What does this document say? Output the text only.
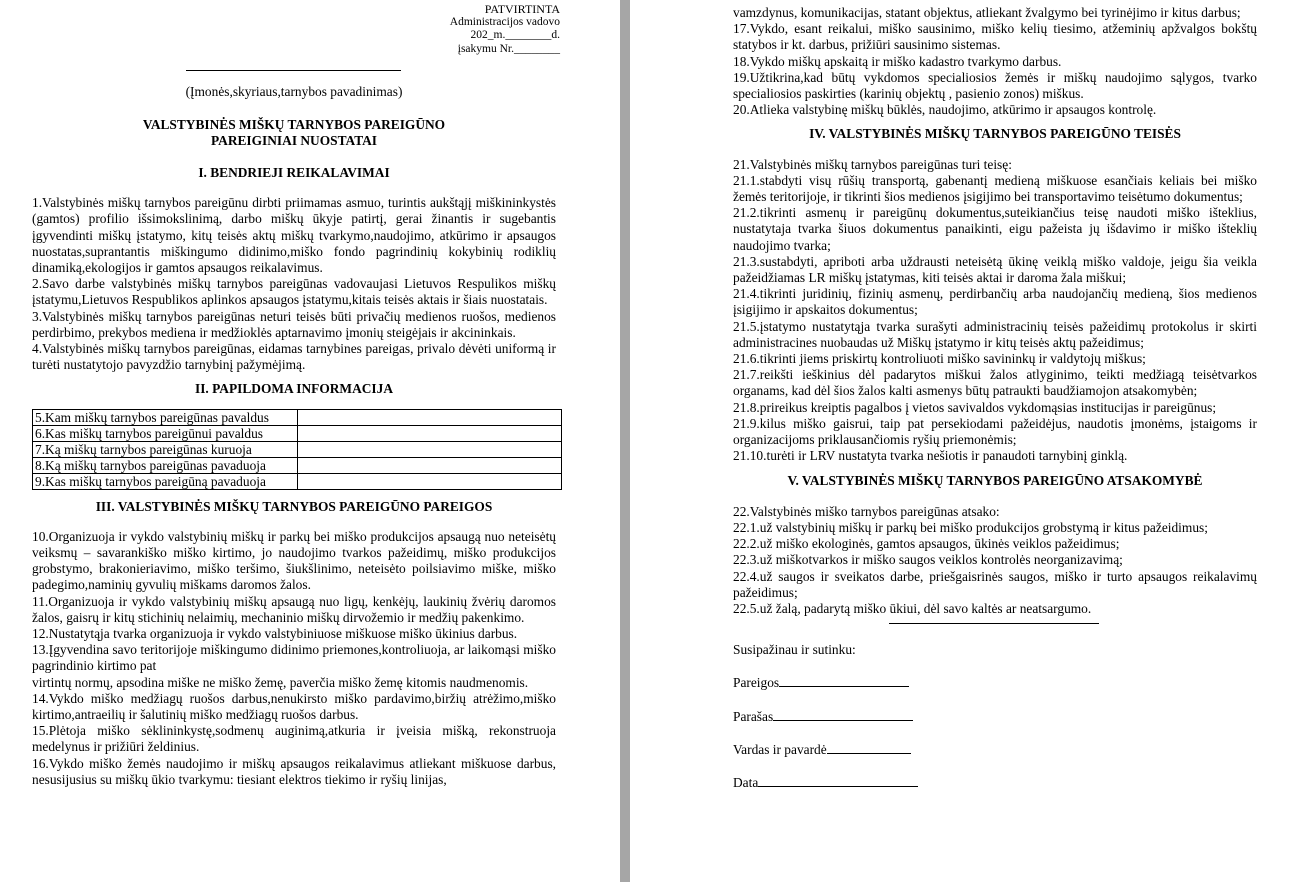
PATVIRTINTA
Administracijos vadovo
202_m.________d.
įsakymu Nr.________
(Įmonės,skyriaus,tarnybos pavadinimas)
VALSTYBINĖS MIŠKŲ TARNYBOS PAREIGŪNO
PAREIGINIAI NUOSTATAI
I. BENDRIEJI REIKALAVIMAI

1.Valstybinės miškų tarnybos pareigūnu dirbti priimamas asmuo, turintis aukštąjį miškininkystės (gamtos) profilio išsimokslinimą, darbo miškų ūkyje patirtį, gerai žinantis ir sugebantis įgyvendinti miškų įstatymo, kitų teisės aktų miškų tvarkymo,naudojimo, atkūrimo ir apsaugos nuostatas,suprantantis miškingumo didinimo,miško fondo pagrindinių kokybinių rodiklių dinamiką,ekologijos ir gamtos apsaugos reikalavimus.

2.Savo darbe valstybinės miškų tarnybos pareigūnas vadovaujasi Lietuvos Respulikos miškų įstatymu,Lietuvos Respublikos aplinkos apsaugos įstatymu,kitais teisės aktais ir šiais nuostatais.

3.Valstybinės miškų tarnybos pareigūnas neturi teisės būti privačių medienos ruošos, medienos perdirbimo, prekybos mediena ir medžioklės aptarnavimo įmonių steigėjais ir akcininkais.

4.Valstybinės miškų tarnybos pareigūnas, eidamas tarnybines pareigas, privalo dėvėti uniformą ir turėti nustatytojo pavyzdžio tarnybinį pažymėjimą.

II. PAPILDOMA INFORMACIJA
5.Kam miškų tarnybos pareigūnas pavaldus	
6.Kas miškų tarnybos pareigūnui pavaldus	
7.Ką miškų tarnybos pareigūnas kuruoja	
8.Ką miškų tarnybos pareigūnas pavaduoja	
9.Kas miškų tarnybos pareigūną pavaduoja	
III. VALSTYBINĖS MIŠKŲ TARNYBOS PAREIGŪNO PAREIGOS

10.Organizuoja ir vykdo valstybinių miškų ir parkų bei miško produkcijos apsaugą nuo neteisėtų veiksmų – savarankiško miško kirtimo, jo naudojimo tvarkos pažeidimų, miško produkcijos grobstymo, brakonieriavimo, miško teršimo, šiukšlinimo, neteisėto poilsiavimo miške, miško padegimo,naminių gyvulių miškams daromos žalos.

11.Organizuoja ir vykdo valstybinių miškų apsaugą nuo ligų, kenkėjų, laukinių žvėrių daromos žalos, gaisrų ir kitų stichinių nelaimių, mechaninio miškų dirvožemio ir medžių pakenkimo.

12.Nustatytąja tvarka organizuoja ir vykdo valstybiniuose miškuose miško ūkinius darbus.

13.Įgyvendina savo teritorijoje miškingumo didinimo priemones,kontroliuoja, ar laikomąsi miško pagrindinio kirtimo pat

virtintų normų, apsodina miške ne miško žemę, paverčia miško žemę kitomis naudmenomis.

14.Vykdo miško medžiagų ruošos darbus,nenukirsto miško pardavimo,biržių atrėžimo,miško kirtimo,antraeilių ir šalutinių miško medžiagų ruošos darbus.

15.Plėtoja miško sėklininkystę,sodmenų auginimą,atkuria ir įveisia mišką, rekonstruoja medelynus ir prižiūri želdinius.

16.Vykdo miško žemės naudojimo ir miškų apsaugos reikalavimus atliekant miškuose darbus, nesusijusius su miškų ūkio tvarkymu: tiesiant elektros tiekimo ir ryšių linijas,

vamzdynus, komunikacijas, statant objektus, atliekant žvalgymo bei tyrinėjimo ir kitus darbus;

17.Vykdo, esant reikalui, miško sausinimo, miško kelių tiesimo, atžeminių apžvalgos bokštų statybos ir kt. darbus, prižiūri sausinimo sistemas.

18.Vykdo miškų apskaitą ir miško kadastro tvarkymo darbus.

19.Užtikrina,kad būtų vykdomos specialiosios žemės ir miškų naudojimo sąlygos, tvarko specialiosios paskirties (karinių objektų , pasienio zonos) miškus.

20.Atlieka valstybinę miškų būklės, naudojimo, atkūrimo ir apsaugos kontrolę.

IV. VALSTYBINĖS MIŠKŲ TARNYBOS PAREIGŪNO TEISĖS

21.Valstybinės miškų tarnybos pareigūnas turi teisę:

21.1.stabdyti visų rūšių transportą, gabenantį medieną miškuose esančiais keliais bei miško žemės teritorijoje, ir tikrinti šios medienos įsigijimo bei transportavimo teisėtumo dokumentus;

21.2.tikrinti asmenų ir pareigūnų dokumentus,suteikiančius teisę naudoti miško išteklius, nustatytaja tvarka šiuos dokumentus panaikinti, eigu pažeista jų išdavimo ir miško išteklių naudojimo tvarka;

21.3.sustabdyti, apriboti arba uždrausti neteisėtą ūkinę veiklą miško valdoje, jeigu šia veikla pažeidžiamas LR miškų įstatymas, kiti teisės aktai ir daroma žala miškui;

21.4.tikrinti juridinių, fizinių asmenų, perdirbančių arba naudojančių medieną, šios medienos įsigijimo ir apskaitos dokumentus;

21.5.įstatymo nustatytąja tvarka surašyti administracinių teisės pažeidimų protokolus ir skirti administracines nuobaudas už Miškų įstatymo ir kitų teisės aktų pažeidimus;

21.6.tikrinti jiems priskirtų kontroliuoti miško savininkų ir valdytojų miškus;

21.7.reikšti ieškinius dėl padarytos miškui žalos atlyginimo, teikti medžiagą teisėtvarkos organams, kad dėl šios žalos kalti asmenys būtų patraukti baudžiamojon atsakomybėn;

21.8.prireikus kreiptis pagalbos į vietos savivaldos vykdomąsias institucijas ir pareigūnus;

21.9.kilus miško gaisrui, taip pat persekiodami pažeidėjus, naudotis įmonėms, įstaigoms ir organizacijoms priklausančiomis ryšių priemonėmis;

21.10.turėti ir LRV nustatyta tvarka nešiotis ir panaudoti tarnybinį ginklą.

V. VALSTYBINĖS MIŠKŲ TARNYBOS PAREIGŪNO ATSAKOMYBĖ

22.Valstybinės miško tarnybos pareigūnas atsako:

22.1.už valstybinių miškų ir parkų bei miško produkcijos grobstymą ir kitus pažeidimus;

22.2.už miško ekologinės, gamtos apsaugos, ūkinės veiklos pažeidimus;

22.3.už miškotvarkos ir miško saugos veiklos kontrolės neorganizavimą;

22.4.už saugos ir sveikatos darbe, priešgaisrinės saugos, miško ir turto apsaugos reikalavimų pažeidimus;

22.5.už žalą, padarytą miško ūkiui, dėl savo kaltės ar neatsargumo.

Susipažinau ir sutinku:
Pareigos
Parašas
Vardas ir pavardė
Data
